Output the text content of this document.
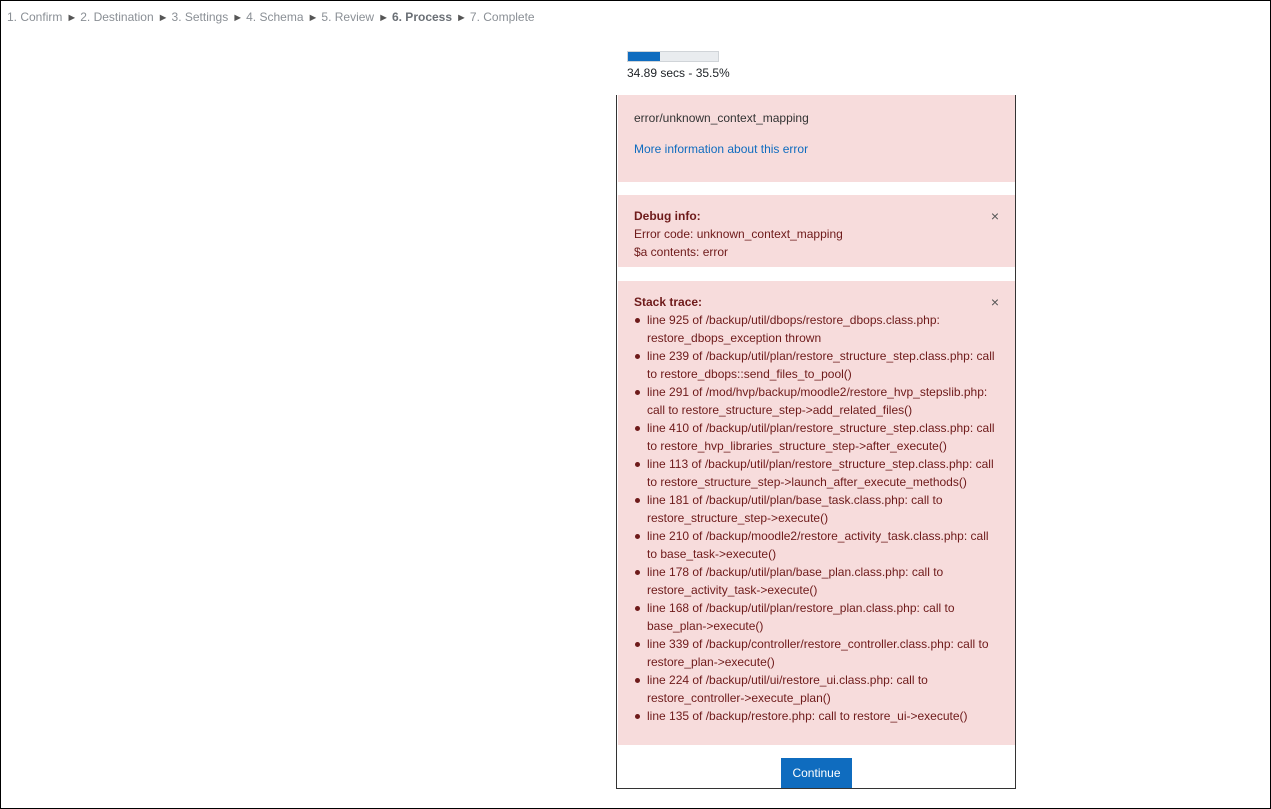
1. Confirm ► 2. Destination ► 3. Settings ► 4. Schema ► 5. Review ► 6. Process ► 7. Complete
34.89 secs - 35.5%
error/unknown_context_mapping
More information about this error
×
Debug info:
Error code: unknown_context_mapping
$a contents: error
×
Stack trace:
line 925 of /backup/util/dbops/restore_dbops.class.php: restore_dbops_exception thrown
line 239 of /backup/util/plan/restore_structure_step.class.php: call to restore_dbops::send_files_to_pool()
line 291 of /mod/hvp/backup/moodle2/restore_hvp_stepslib.php: call to restore_structure_step->add_related_files()
line 410 of /backup/util/plan/restore_structure_step.class.php: call to restore_hvp_libraries_structure_step->after_execute()
line 113 of /backup/util/plan/restore_structure_step.class.php: call to restore_structure_step->launch_after_execute_methods()
line 181 of /backup/util/plan/base_task.class.php: call to restore_structure_step->execute()
line 210 of /backup/moodle2/restore_activity_task.class.php: call to base_task->execute()
line 178 of /backup/util/plan/base_plan.class.php: call to restore_activity_task->execute()
line 168 of /backup/util/plan/restore_plan.class.php: call to base_plan->execute()
line 339 of /backup/controller/restore_controller.class.php: call to restore_plan->execute()
line 224 of /backup/util/ui/restore_ui.class.php: call to restore_controller->execute_plan()
line 135 of /backup/restore.php: call to restore_ui->execute()
Continue
